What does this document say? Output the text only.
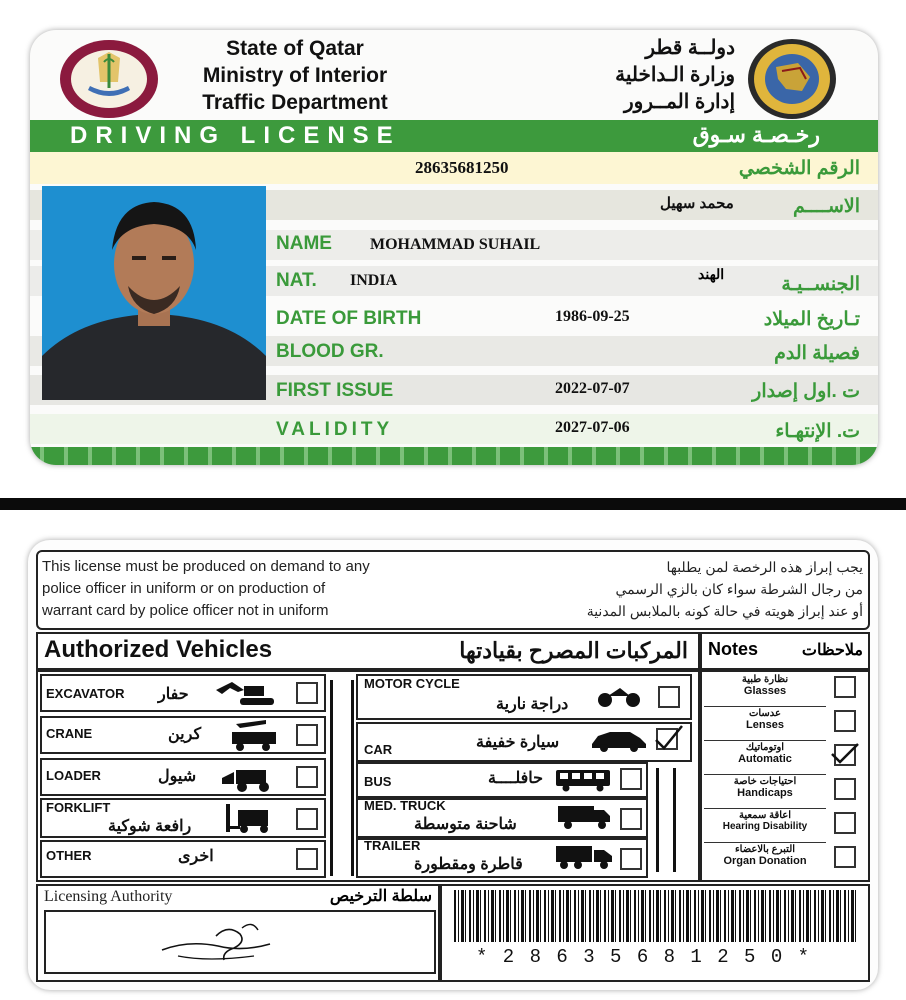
State of Qatar
Ministry of Interior
Traffic Department
دولــة قطر
وزارة الـداخلية
إدارة المــرور
DRIVING LICENSE	رخـصـة سـوق
28635681250	الرقم الشخصي
محمد سهيل	الاســــم
NAME MOHAMMAD SUHAIL
NAT. INDIA	الهند	الجنســيـة
DATE OF BIRTH	1986-09-25	تـاريخ الميلاد
BLOOD GR.	فصيلة الدم
FIRST ISSUE	2022-07-07	ت .اول إصدار
VALIDITY	2027-07-06	ت. الإنتهـاء
This license must be produced on demand to any
police officer in uniform or on production of
warrant card by police officer not in uniform
يجب إبراز هذه الرخصة لمن يطلبها
من رجال الشرطة سواء كان بالزي الرسمي
أو عند إبراز هويته في حالة كونه بالملابس المدنية
Authorized Vehicles	المركبات المصرح بقيادتها Notes	ملاحظات
EXCAVATOR حفار
CRANE	كرين
LOADER	شيول
FORKLIFT
رافعة شوكية
OTHER	اخرى
MOTOR CYCLE
دراجة نارية
CAR	سيارة خفيفة
BUS	حافلــــة
MED. TRUCK
شاحنة متوسطة
TRAILER
قاطرة ومقطورة
نظارة طبية
Glasses
عدسات
Lenses
اوتوماتيك
Automatic
احتياجات خاصة
Handicaps
اعاقة سمعية
Hearing Disability
التبرع بالاعضاء
Organ Donation
Licensing Authority	سلطة الترخيص
* 2 8 6 3 5 6 8 1 2 5 0 *
